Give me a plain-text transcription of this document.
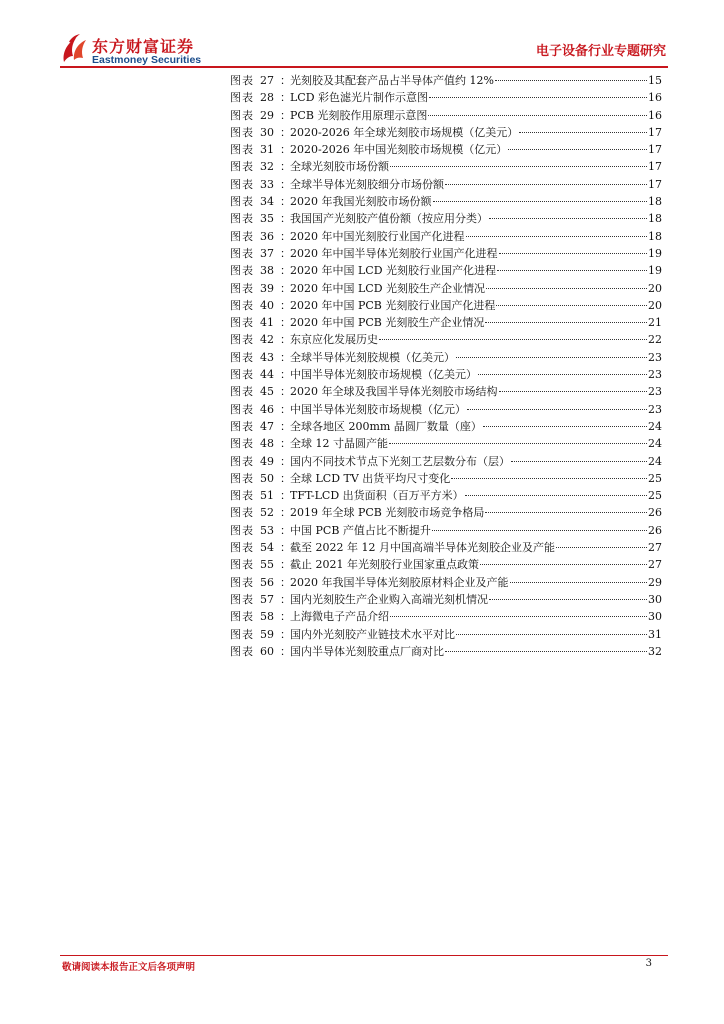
东方财富证券
Eastmoney Securities
电子设备行业专题研究
图表 27 ： 光刻胶及其配套产品占半导体产值约 12%	15
图表 28 ： LCD 彩色滤光片制作示意图	16
图表 29 ： PCB 光刻胶作用原理示意图	16
图表 30 ： 2020-2026 年全球光刻胶市场规模（亿美元）	17
图表 31 ： 2020-2026 年中国光刻胶市场规模（亿元）	17
图表 32 ： 全球光刻胶市场份额	17
图表 33 ： 全球半导体光刻胶细分市场份额	17
图表 34 ： 2020 年我国光刻胶市场份额	18
图表 35 ： 我国国产光刻胶产值份额（按应用分类）	18
图表 36 ： 2020 年中国光刻胶行业国产化进程	18
图表 37 ： 2020 年中国半导体光刻胶行业国产化进程	19
图表 38 ： 2020 年中国 LCD 光刻胶行业国产化进程	19
图表 39 ： 2020 年中国 LCD 光刻胶生产企业情况	20
图表 40 ： 2020 年中国 PCB 光刻胶行业国产化进程	20
图表 41 ： 2020 年中国 PCB 光刻胶生产企业情况	21
图表 42 ： 东京应化发展历史	22
图表 43 ： 全球半导体光刻胶规模（亿美元）	23
图表 44 ： 中国半导体光刻胶市场规模（亿美元）	23
图表 45 ： 2020 年全球及我国半导体光刻胶市场结构	23
图表 46 ： 中国半导体光刻胶市场规模（亿元）	23
图表 47 ： 全球各地区 200mm 晶圆厂数量（座）	24
图表 48 ： 全球 12 寸晶圆产能	24
图表 49 ： 国内不同技术节点下光刻工艺层数分布（层）	24
图表 50 ： 全球 LCD TV 出货平均尺寸变化	25
图表 51 ： TFT-LCD 出货面积（百万平方米）	25
图表 52 ： 2019 年全球 PCB 光刻胶市场竞争格局	26
图表 53 ： 中国 PCB 产值占比不断提升	26
图表 54 ： 截至 2022 年 12 月中国高端半导体光刻胶企业及产能	27
图表 55 ： 截止 2021 年光刻胶行业国家重点政策	27
图表 56 ： 2020 年我国半导体光刻胶原材料企业及产能	29
图表 57 ： 国内光刻胶生产企业购入高端光刻机情况	30
图表 58 ： 上海微电子产品介绍	30
图表 59 ： 国内外光刻胶产业链技术水平对比	31
图表 60 ： 国内半导体光刻胶重点厂商对比	32
敬请阅读本报告正文后各项声明	3
